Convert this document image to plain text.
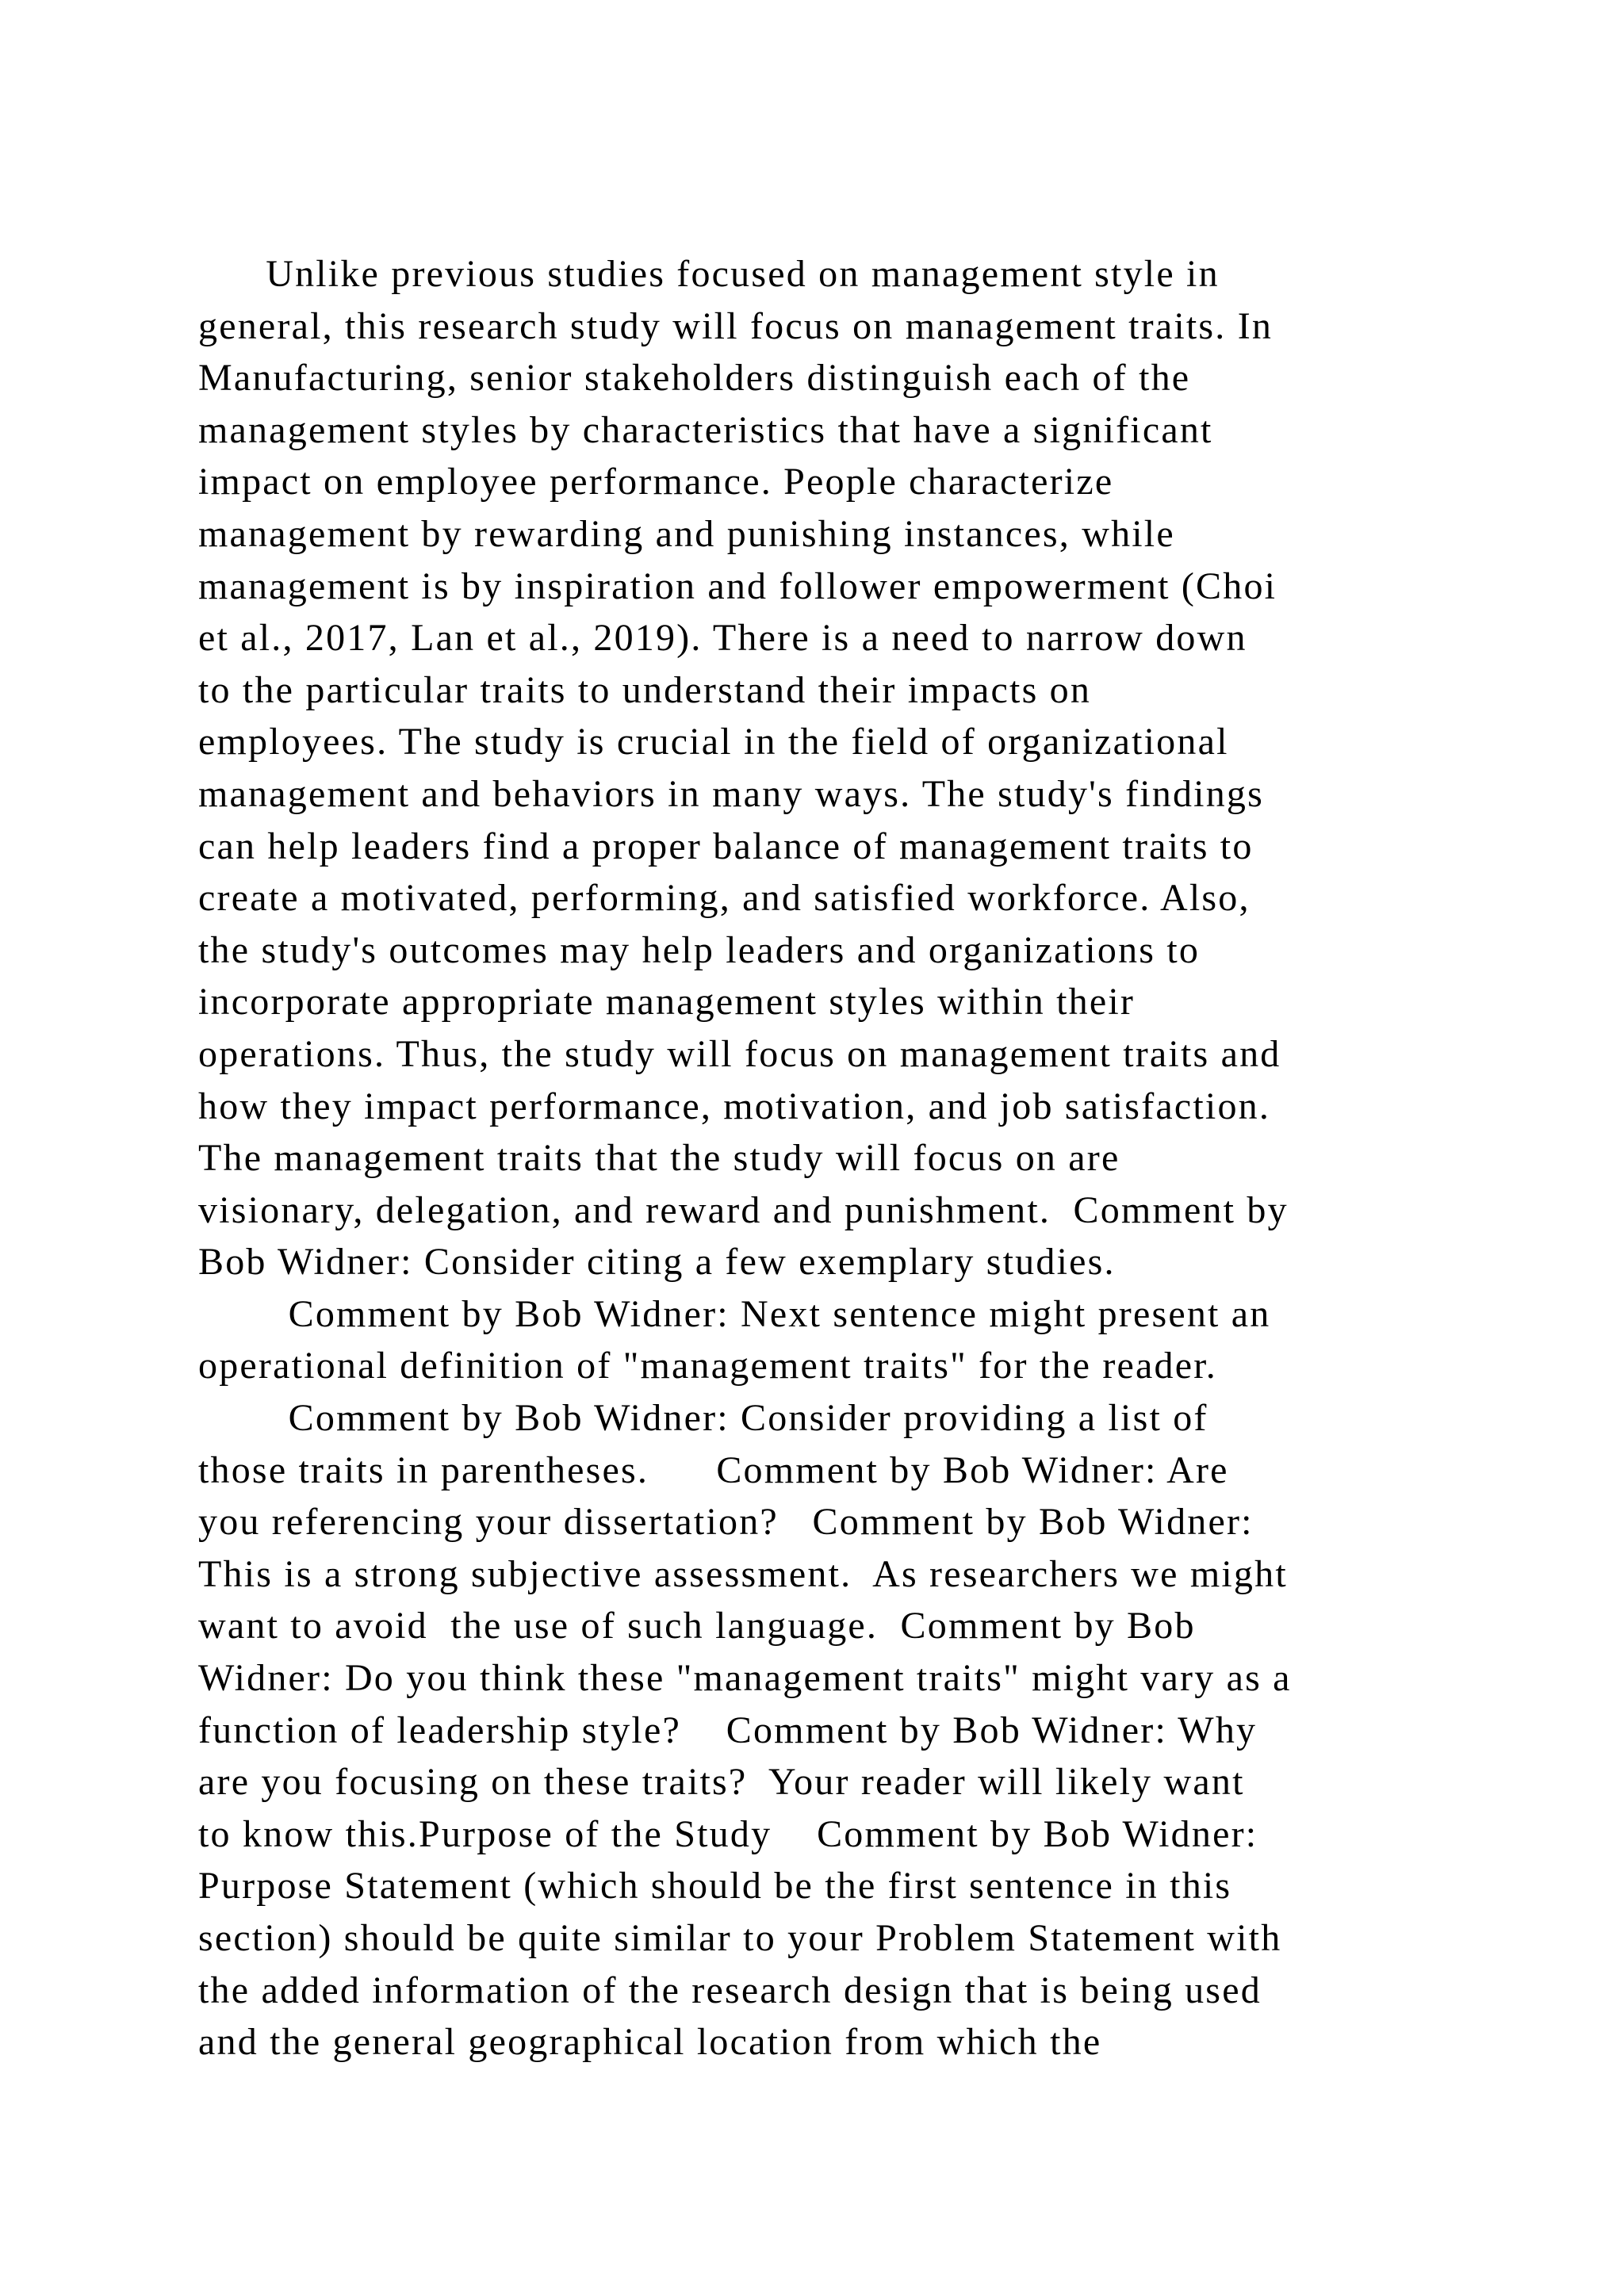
Unlike previous studies focused on management style in
general, this research study will focus on management traits. In
Manufacturing, senior stakeholders distinguish each of the
management styles by characteristics that have a significant
impact on employee performance. People characterize
management by rewarding and punishing instances, while
management is by inspiration and follower empowerment (Choi
et al., 2017, Lan et al., 2019). There is a need to narrow down
to the particular traits to understand their impacts on
employees. The study is crucial in the field of organizational
management and behaviors in many ways. The study's findings
can help leaders find a proper balance of management traits to
create a motivated, performing, and satisfied workforce. Also,
the study's outcomes may help leaders and organizations to
incorporate appropriate management styles within their
operations. Thus, the study will focus on management traits and
how they impact performance, motivation, and job satisfaction.
The management traits that the study will focus on are
visionary, delegation, and reward and punishment.  Comment by
Bob Widner: Consider citing a few exemplary studies.
Comment by Bob Widner: Next sentence might present an
operational definition of "management traits" for the reader.
Comment by Bob Widner: Consider providing a list of
those traits in parentheses.      Comment by Bob Widner: Are
you referencing your dissertation?   Comment by Bob Widner:
This is a strong subjective assessment.  As researchers we might
want to avoid  the use of such language.  Comment by Bob
Widner: Do you think these "management traits" might vary as a
function of leadership style?    Comment by Bob Widner: Why
are you focusing on these traits?  Your reader will likely want
to know this.Purpose of the Study    Comment by Bob Widner:
Purpose Statement (which should be the first sentence in this
section) should be quite similar to your Problem Statement with
the added information of the research design that is being used
and the general geographical location from which the
